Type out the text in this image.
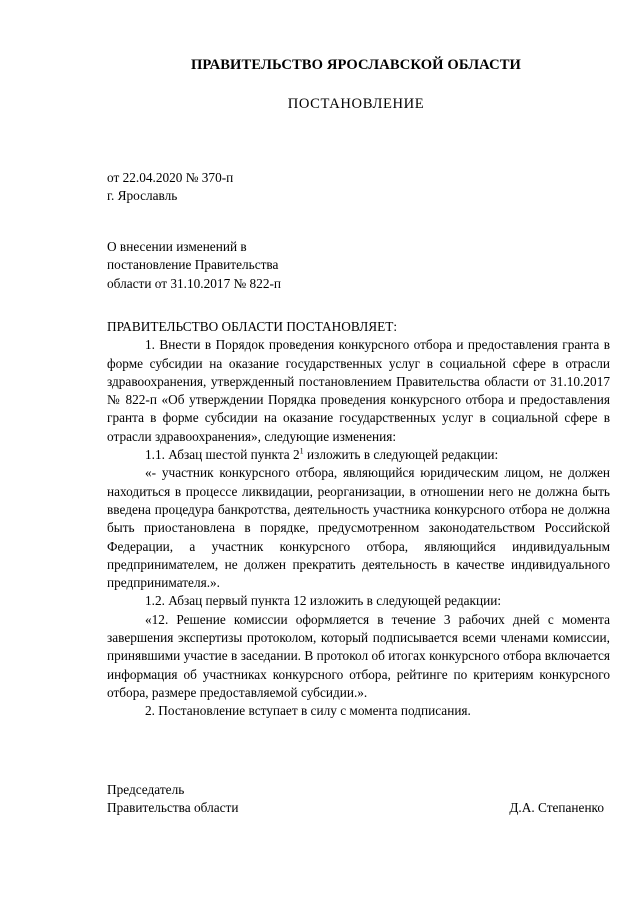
ПРАВИТЕЛЬСТВО ЯРОСЛАВСКОЙ ОБЛАСТИ
ПОСТАНОВЛЕНИЕ
от 22.04.2020 № 370-п
г. Ярославль
О внесении изменений в
постановление Правительства
области от 31.10.2017 № 822-п

ПРАВИТЕЛЬСТВО ОБЛАСТИ ПОСТАНОВЛЯЕТ:

1. Внести в Порядок проведения конкурсного отбора и предоставления гранта в форме субсидии на оказание государственных услуг в социальной сфере в отрасли здравоохранения, утвержденный постановлением Правительства области от 31.10.2017 № 822-п «Об утверждении Порядка проведения конкурсного отбора и предоставления гранта в форме субсидии на оказание государственных услуг в социальной сфере в отрасли здравоохранения», следующие изменения:

1.1. Абзац шестой пункта $2^1$ изложить в следующей редакции:

«- участник конкурсного отбора, являющийся юридическим лицом, не должен находиться в процессе ликвидации, реорганизации, в отношении него не должна быть введена процедура банкротства, деятельность участника конкурсного отбора не должна быть приостановлена в порядке, предусмотренном законодательством Российской Федерации, а участник конкурсного отбора, являющийся индивидуальным предпринимателем, не должен прекратить деятельность в качестве индивидуального предпринимателя.».

1.2. Абзац первый пункта 12 изложить в следующей редакции:

«12. Решение комиссии оформляется в течение 3 рабочих дней с момента завершения экспертизы протоколом, который подписывается всеми членами комиссии, принявшими участие в заседании. В протокол об итогах конкурсного отбора включается информация об участниках конкурсного отбора, рейтинге по критериям конкурсного отбора, размере предоставляемой субсидии.».

2. Постановление вступает в силу с момента подписания.

Председатель
Правительства области	Д.А. Степаненко
